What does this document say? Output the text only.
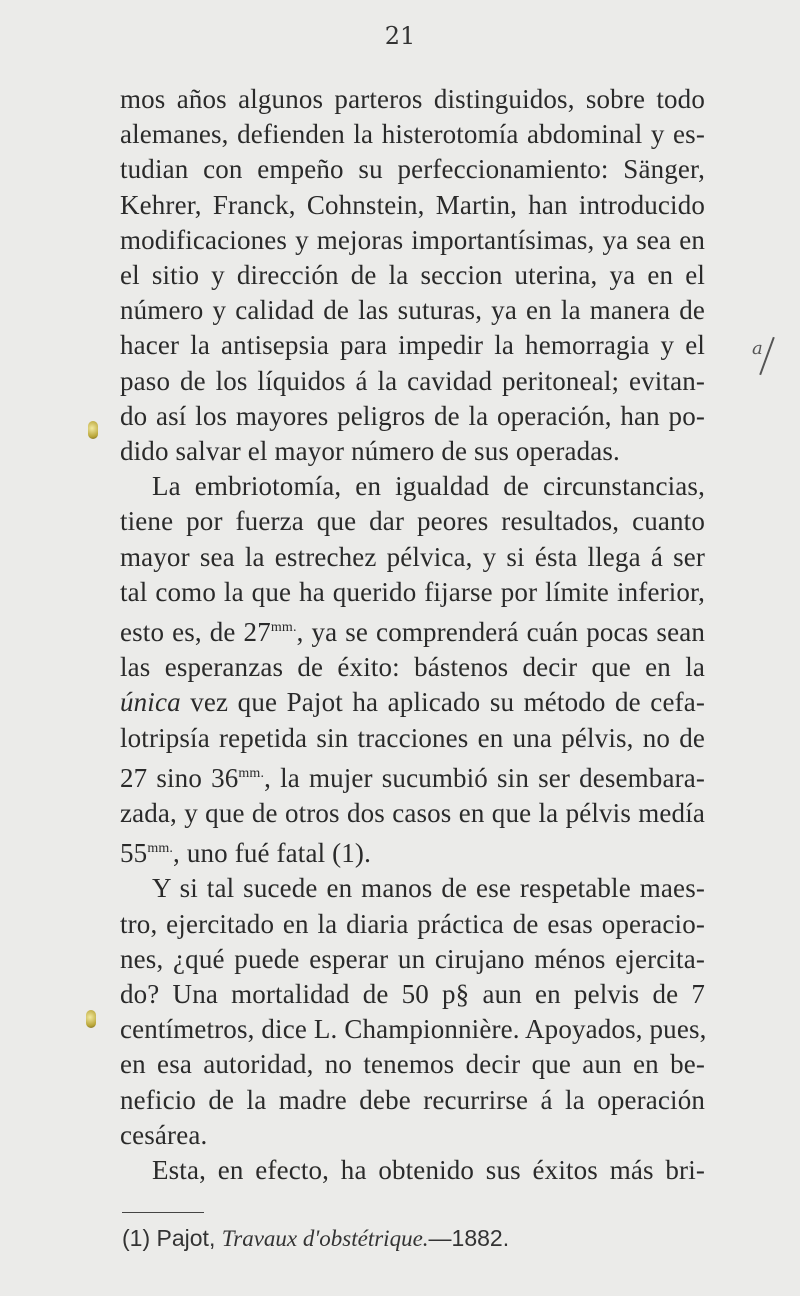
21
mos años algunos parteros distinguidos, sobre todo
alemanes, defienden la histerotomía abdominal y es-
tudian con empeño su perfeccionamiento: Sänger,
Kehrer, Franck, Cohnstein, Martin, han introducido
modificaciones y mejoras importantísimas, ya sea en
el sitio y dirección de la seccion uterina, ya en el
número y calidad de las suturas, ya en la manera de
hacer la antisepsia para impedir la hemorragia y el
paso de los líquidos á la cavidad peritoneal; evitan-
do así los mayores peligros de la operación, han po-
dido salvar el mayor número de sus operadas.
La embriotomía, en igualdad de circunstancias,
tiene por fuerza que dar peores resultados, cuanto
mayor sea la estrechez pélvica, y si ésta llega á ser
tal como la que ha querido fijarse por límite inferior,
esto es, de $27^{mm.}$, ya se comprenderá cuán pocas sean
las esperanzas de éxito: bástenos decir que en la
única vez que Pajot ha aplicado su método de cefa-
lotripsía repetida sin tracciones en una pélvis, no de
27 sino $36^{mm.}$, la mujer sucumbió sin ser desembara-
zada, y que de otros dos casos en que la pélvis medía
$55^{mm.}$, uno fué fatal (1).
Y si tal sucede en manos de ese respetable maes-
tro, ejercitado en la diaria práctica de esas operacio-
nes, ¿qué puede esperar un cirujano ménos ejercita-
do? Una mortalidad de 50 p§ aun en pelvis de 7
centímetros, dice L. Championnière. Apoyados, pues,
en esa autoridad, no tenemos decir que aun en be-
neficio de la madre debe recurrirse á la operación
cesárea.
Esta, en efecto, ha obtenido sus éxitos más bri-
a
(1) Pajot, Travaux d'obstétrique.—1882.
